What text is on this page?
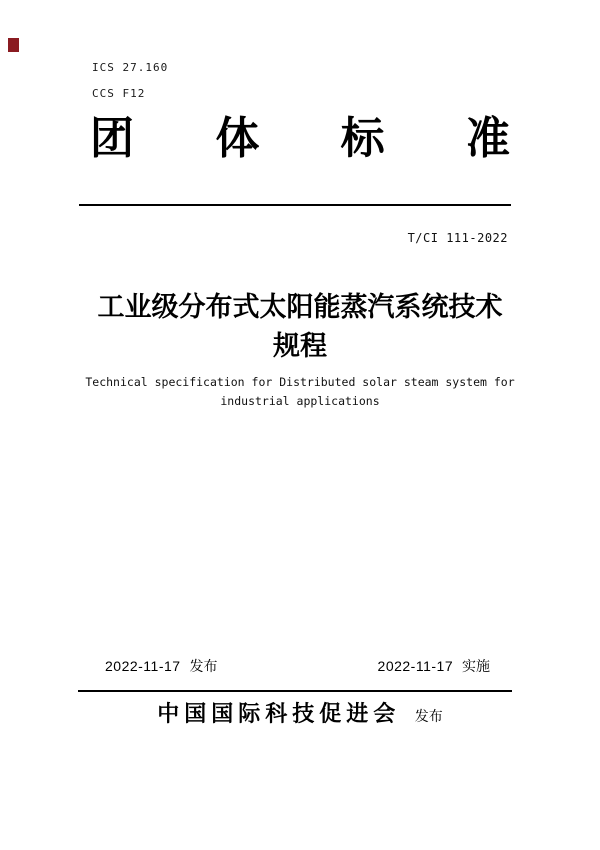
ICS 27.160
CCS F12
团 体 标 准
T/CI 111-2022
工业级分布式太阳能蒸汽系统技术
规程
Technical specification for Distributed solar steam system for
industrial applications
2022-11-17 发布	2022-11-17 实施
中国国际科技促进会 发布
